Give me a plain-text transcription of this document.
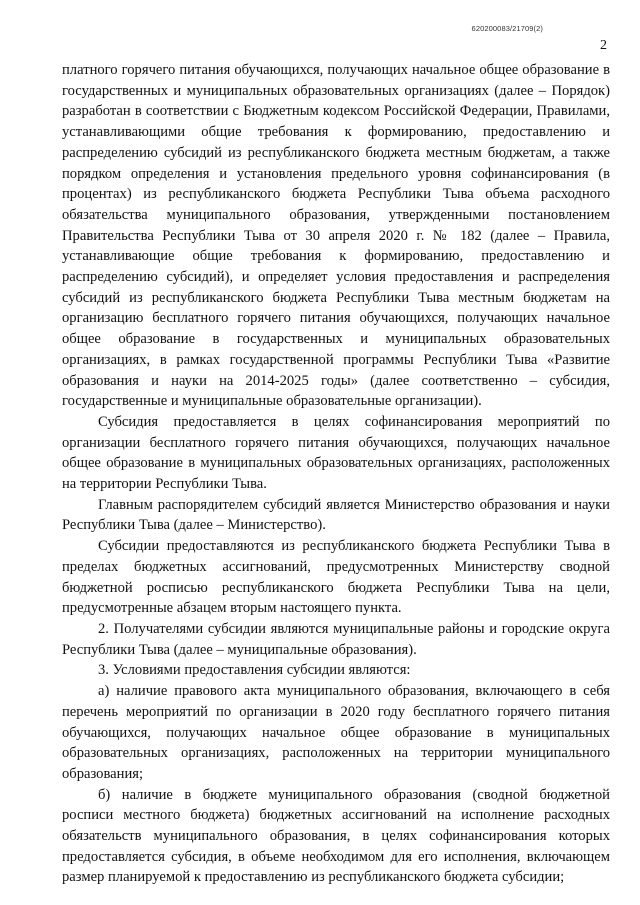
620200083/21709(2)
2

платного горячего питания обучающихся, получающих начальное общее образование в государственных и муниципальных образовательных организациях (далее – Порядок) разработан в соответствии с Бюджетным кодексом Российской Федерации, Правилами, устанавливающими общие требования к формированию, предоставлению и распределению субсидий из республиканского бюджета местным бюджетам, а также порядком определения и установления предельного уровня софинансирования (в процентах) из республиканского бюджета Республики Тыва объема расходного обязательства муниципального образования, утвержденными постановлением Правительства Республики Тыва от 30 апреля 2020 г. № 182 (далее – Правила, устанавливающие общие требования к формированию, предоставлению и распределению субсидий), и определяет условия предоставления и распределения субсидий из республиканского бюджета Республики Тыва местным бюджетам на организацию бесплатного горячего питания обучающихся, получающих начальное общее образование в государственных и муниципальных образовательных организациях, в рамках государственной программы Республики Тыва «Развитие образования и науки на 2014-2025 годы» (далее соответственно – субсидия, государственные и муниципальные образовательные организации).

Субсидия предоставляется в целях софинансирования мероприятий по организации бесплатного горячего питания обучающихся, получающих начальное общее образование в муниципальных образовательных организациях, расположенных на территории Республики Тыва.

Главным распорядителем субсидий является Министерство образования и науки Республики Тыва (далее – Министерство).

Субсидии предоставляются из республиканского бюджета Республики Тыва в пределах бюджетных ассигнований, предусмотренных Министерству сводной бюджетной росписью республиканского бюджета Республики Тыва на цели, предусмотренные абзацем вторым настоящего пункта.

2. Получателями субсидии являются муниципальные районы и городские округа Республики Тыва (далее – муниципальные образования).

3. Условиями предоставления субсидии являются:

а) наличие правового акта муниципального образования, включающего в себя перечень мероприятий по организации в 2020 году бесплатного горячего питания обучающихся, получающих начальное общее образование в муниципальных образовательных организациях, расположенных на территории муниципального образования;

б) наличие в бюджете муниципального образования (сводной бюджетной росписи местного бюджета) бюджетных ассигнований на исполнение расходных обязательств муниципального образования, в целях софинансирования которых предоставляется субсидия, в объеме необходимом для его исполнения, включающем размер планируемой к предоставлению из республиканского бюджета субсидии;
